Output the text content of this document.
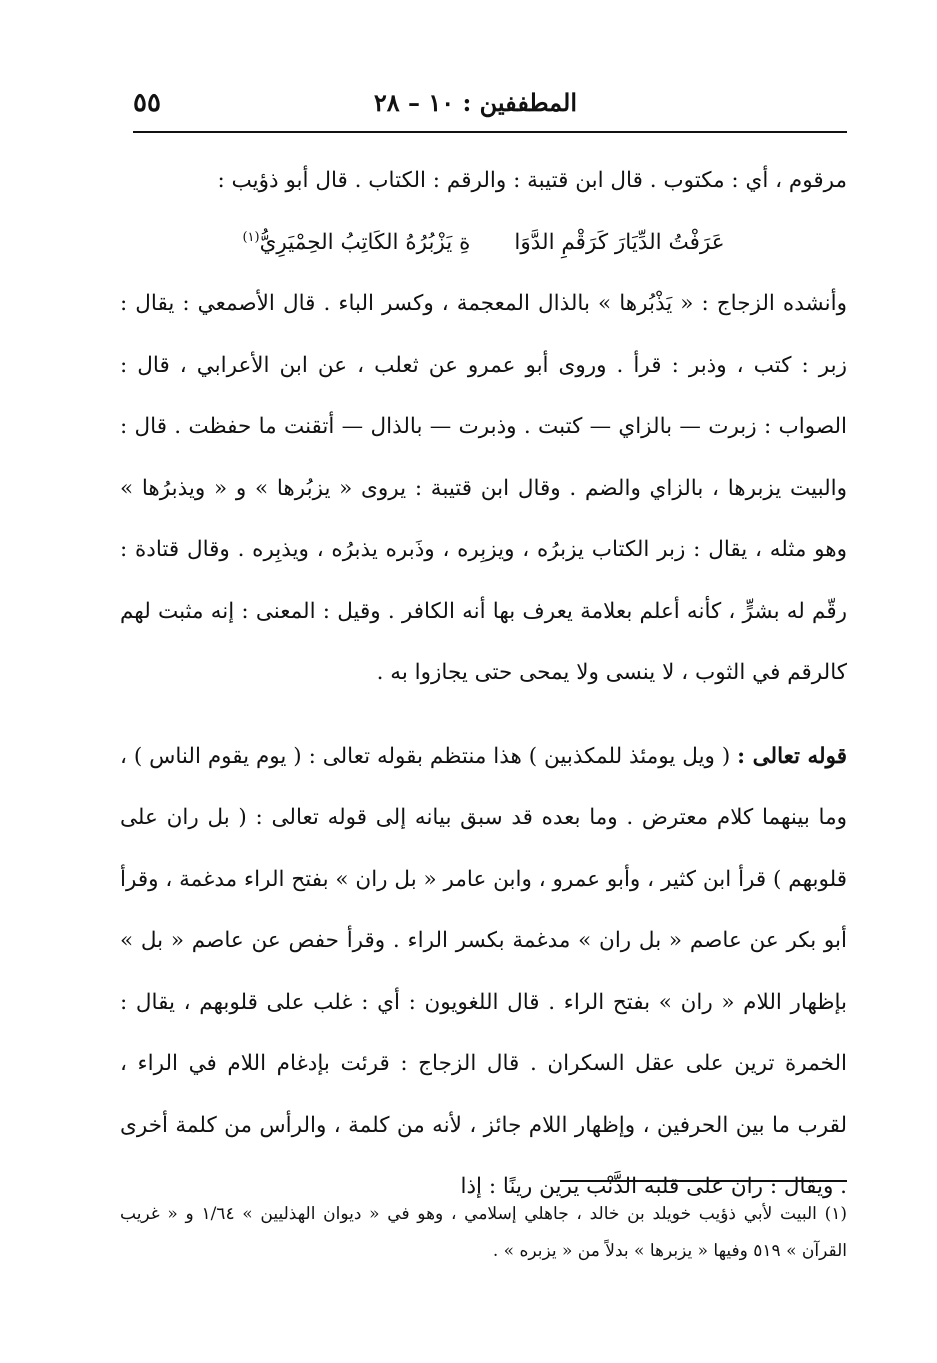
٥٥	المطففين : ١٠ – ٢٨

مرقوم ، أي : مكتوب . قال ابن قتيبة : والرقم : الكتاب . قال أبو ذؤيب :

عَرَفْتُ الدِّيَارَ كَرَقْمِ الدَّوَا
ةِ يَزْبُرُهُ الكَاتِبُ الحِمْيَرِيُّ$^{(١)}$

وأنشده الزجاج : « يَذْبُرها » بالذال المعجمة ، وكسر الباء . قال الأصمعي : يقال : زبر : كتب ، وذبر : قرأ . وروى أبو عمرو عن ثعلب ، عن ابن الأعرابي ، قال : الصواب : زبرت — بالزاي — كتبت . وذبرت — بالذال — أتقنت ما حفظت . قال : والبيت يزبرها ، بالزاي والضم . وقال ابن قتيبة : يروى « يزبُرها » و « ويذبرُها » وهو مثله ، يقال : زبر الكتاب يزبرُه ، ويزبِره ، وذَبره يذبرُه ، ويذبِره . وقال قتادة : رقّم له بشرٍّ ، كأنه أعلم بعلامة يعرف بها أنه الكافر . وقيل : المعنى : إنه مثبت لهم كالرقم في الثوب ، لا ينسى ولا يمحى حتى يجازوا به .

قوله تعالى : ( ويل يومئذ للمكذبين ) هذا منتظم بقوله تعالى : ( يوم يقوم الناس ) ، وما بينهما كلام معترض . وما بعده قد سبق بيانه إلى قوله تعالى : ( بل ران على قلوبهم ) قرأ ابن كثير ، وأبو عمرو ، وابن عامر « بل ران » بفتح الراء مدغمة ، وقرأ أبو بكر عن عاصم « بل ران » مدغمة بكسر الراء . وقرأ حفص عن عاصم « بل » بإظهار اللام « ران » بفتح الراء . قال اللغويون : أي : غلب على قلوبهم ، يقال : الخمرة ترين على عقل السكران . قال الزجاج : قرئت بإدغام اللام في الراء ، لقرب ما بين الحرفين ، وإظهار اللام جائز ، لأنه من كلمة ، والرأس من كلمة أخرى . ويقال : ران على قلبه الذَّنْب يرين رينًا : إذا

(١) البيت لأبي ذؤيب خويلد بن خالد ، جاهلي إسلامي ، وهو في « ديوان الهذليين » ١/٦٤ و « غريب القرآن » ٥١٩ وفيها « يزبرها » بدلاً من « يزبره » .
